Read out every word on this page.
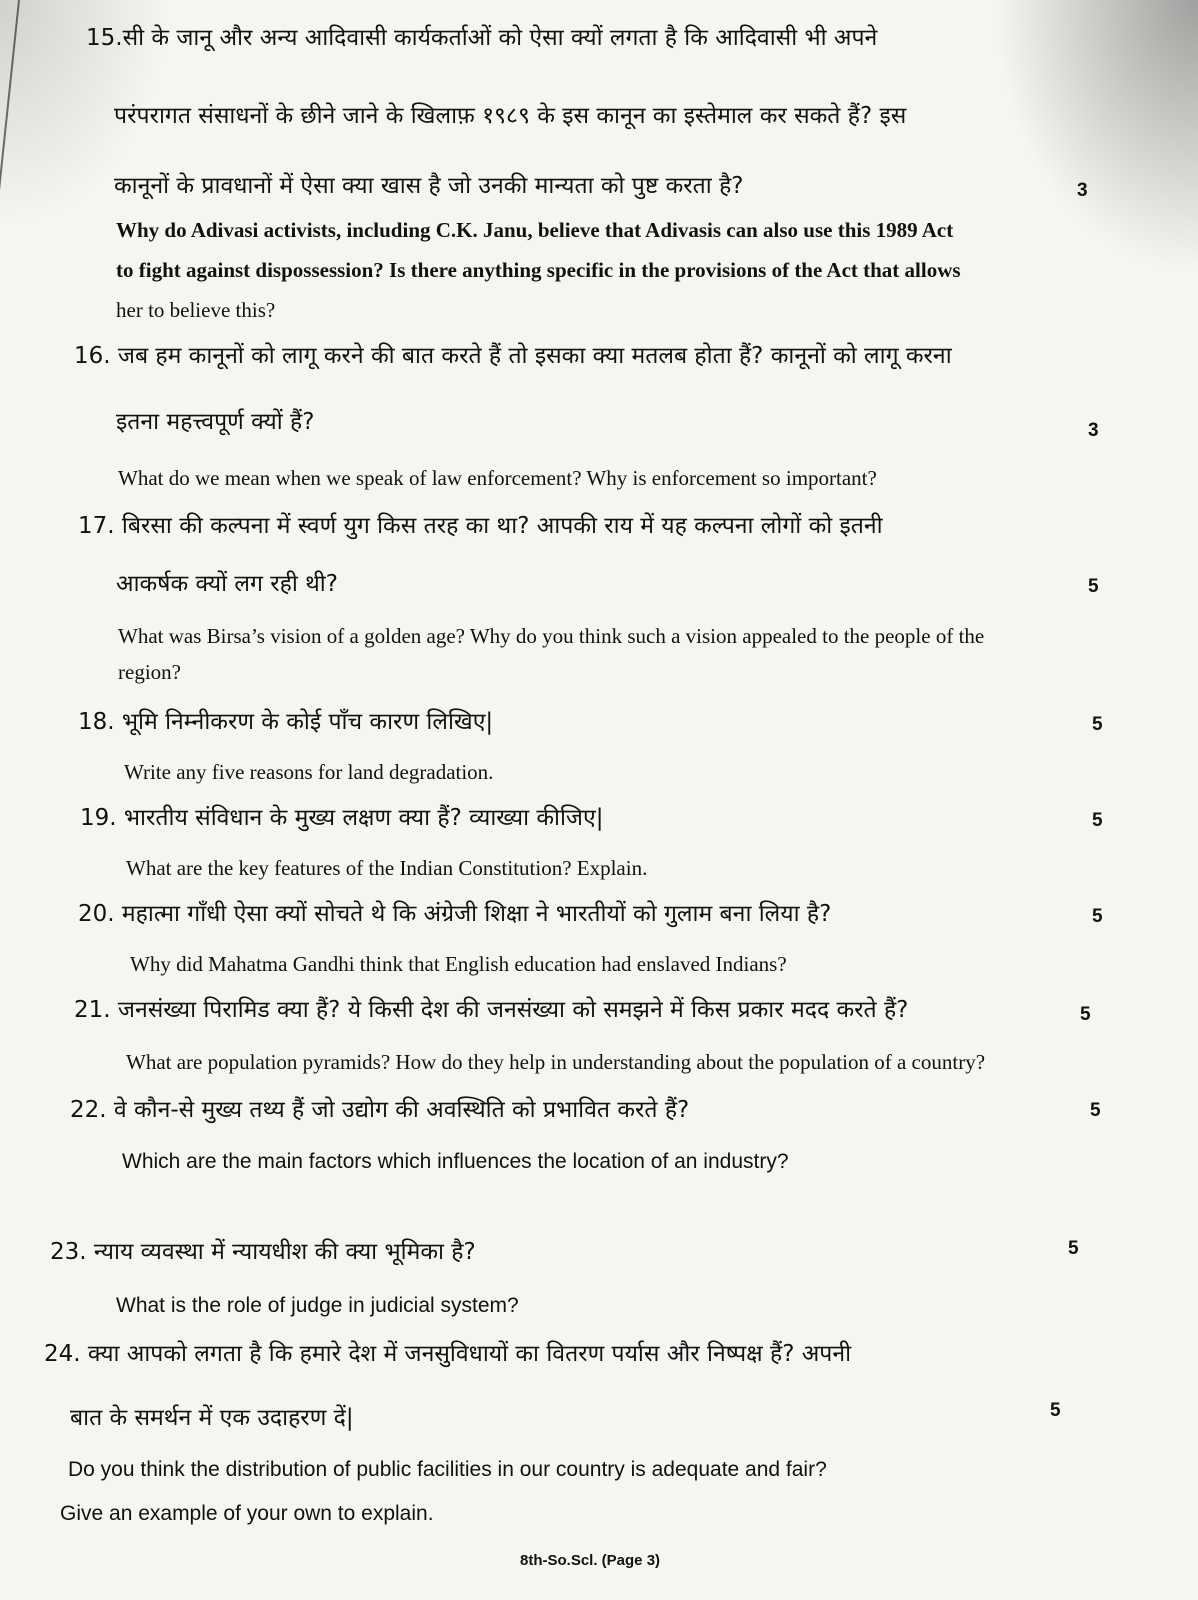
15.सी के जानू और अन्य आदिवासी कार्यकर्ताओं को ऐसा क्यों लगता है कि आदिवासी भी अपने
परंपरागत संसाधनों के छीने जाने के खिलाफ़ १९८९ के इस कानून का इस्तेमाल कर सकते हैं? इस
कानूनों के प्रावधानों में ऐसा क्या खास है जो उनकी मान्यता को पुष्ट करता है?	3
Why do Adivasi activists, including C.K. Janu, believe that Adivasis can also use this 1989 Act
to fight against dispossession? Is there anything specific in the provisions of the Act that allows
her to believe this?
16. जब हम कानूनों को लागू करने की बात करते हैं तो इसका क्या मतलब होता हैं? कानूनों को लागू करना
इतना महत्त्वपूर्ण क्यों हैं?	3
What do we mean when we speak of law enforcement? Why is enforcement so important?
17. बिरसा की कल्पना में स्वर्ण युग किस तरह का था? आपकी राय में यह कल्पना लोगों को इतनी
आकर्षक क्यों लग रही थी?	5
What was Birsa’s vision of a golden age? Why do you think such a vision appealed to the people of the
region?
18. भूमि निम्नीकरण के कोई पाँच कारण लिखिए|	5
Write any five reasons for land degradation.
19. भारतीय संविधान के मुख्य लक्षण क्या हैं? व्याख्या कीजिए|	5
What are the key features of the Indian Constitution? Explain.
20. महात्मा गाँधी ऐसा क्यों सोचते थे कि अंग्रेजी शिक्षा ने भारतीयों को गुलाम बना लिया है?	5
Why did Mahatma Gandhi think that English education had enslaved Indians?
21. जनसंख्या पिरामिड क्या हैं? ये किसी देश की जनसंख्या को समझने में किस प्रकार मदद करते हैं?	5
What are population pyramids? How do they help in understanding about the population of a country?
22. वे कौन-से मुख्य तथ्य हैं जो उद्योग की अवस्थिति को प्रभावित करते हैं?	5
Which are the main factors which influences the location of an industry?
23. न्याय व्यवस्था में न्यायधीश की क्या भूमिका है?	5
What is the role of judge in judicial system?
24. क्या आपको लगता है कि हमारे देश में जनसुविधायों का वितरण पर्यास और निष्पक्ष हैं? अपनी
बात के समर्थन में एक उदाहरण दें|	5
Do you think the distribution of public facilities in our country is adequate and fair?
Give an example of your own to explain.
8th-So.Scl. (Page 3)
